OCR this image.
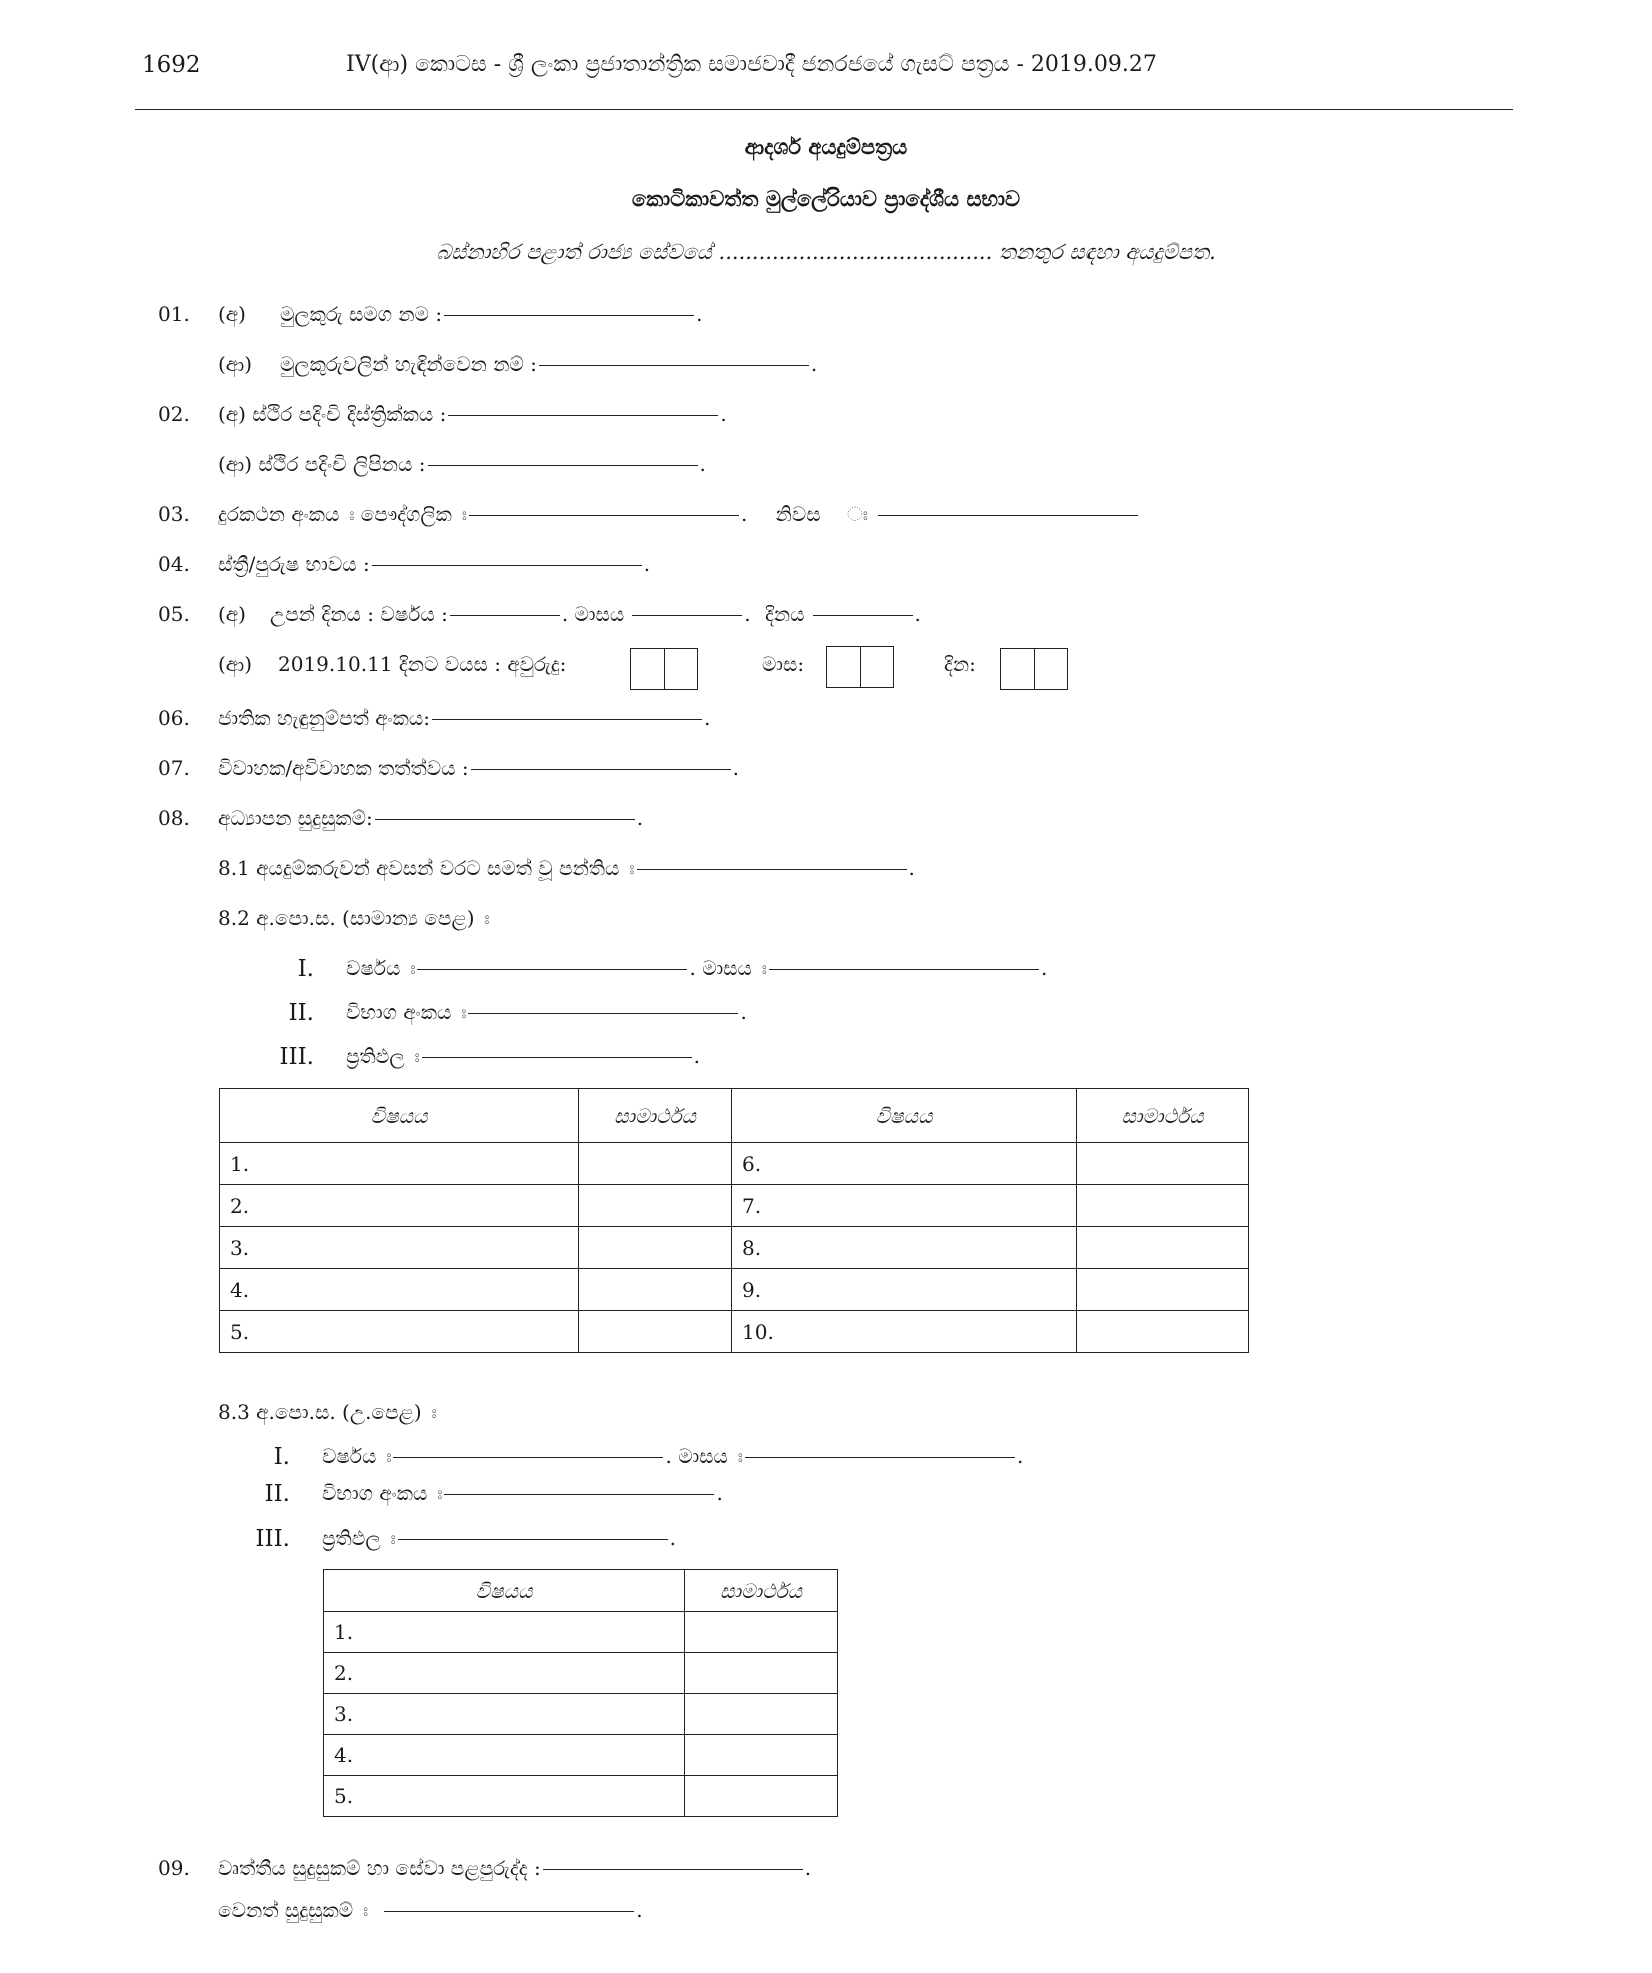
1692	IV(ආ) කොටස - ශ්‍රී ලංකා ප්‍රජාතාන්ත්‍රික සමාජවාදී ජනරජයේ ගැසට් පත්‍රය - 2019.09.27
ආදර්ශ අයදුම්පත්‍රය
කොටිකාවත්ත මුල්ලේරියාව ප්‍රාදේශීය සභාව
බස්නාහිර පළාත් රාජ්‍ය සේවයේ ......................................... තනතුර සඳහා අයදුම්පත.
01. (අ) මුලකුරු සමග නම :	.
(ආ) මුලකුරුවලින් හැඳින්වෙන නම් :	.
02. (අ) ස්ථිර පදිංචි දිස්ත්‍රික්කය :	.
(ආ) ස්ථිර පදිංචි ලිපිනය :	.
03. දුරකථන අංකය ඃ පෞද්ගලික ඃ	. නිවස ඃ
04. ස්ත්‍රී/පුරුෂ භාවය :	.
05. (අ) උපන් දිනය : වර්ෂය :	. මාසය	. දිනය	.
(ආ) 2019.10.11 දිනට වයස : අවුරුදු:	මාස:	දින:
06. ජාතික හැඳුනුම්පත් අංකය:	.
07. විවාහක/අවිවාහක තත්ත්වය :	.
08. අධ්‍යාපන සුදුසුකම්:	.
8.1 අයදුම්කරුවන් අවසන් වරට සමත් වූ පන්තිය ඃ	.
8.2 අ.පො.ස. (සාමාන්‍ය පෙළ) ඃ
I. වර්ෂය ඃ	. මාසය ඃ	.
II. විභාග අංකය ඃ	.
III. ප්‍රතිඵල ඃ	.
විෂයය	සාමාර්ථය	විෂයය	සාමාර්ථය
1.		6.	
2.		7.	
3.		8.	
4.		9.	
5.		10.	
8.3 අ.පො.ස. (උ.පෙළ) ඃ
I. වර්ෂය ඃ	. මාසය ඃ	.
II. විභාග අංකය ඃ	.
III. ප්‍රතිඵල ඃ	.
විෂයය	සාමාර්ථය
1.	
2.	
3.	
4.	
5.	
09. වෘත්තීය සුදුසුකම් හා සේවා පළපුරුද්ද :	.
වෙනත් සුදුසුකම් ඃ	.
